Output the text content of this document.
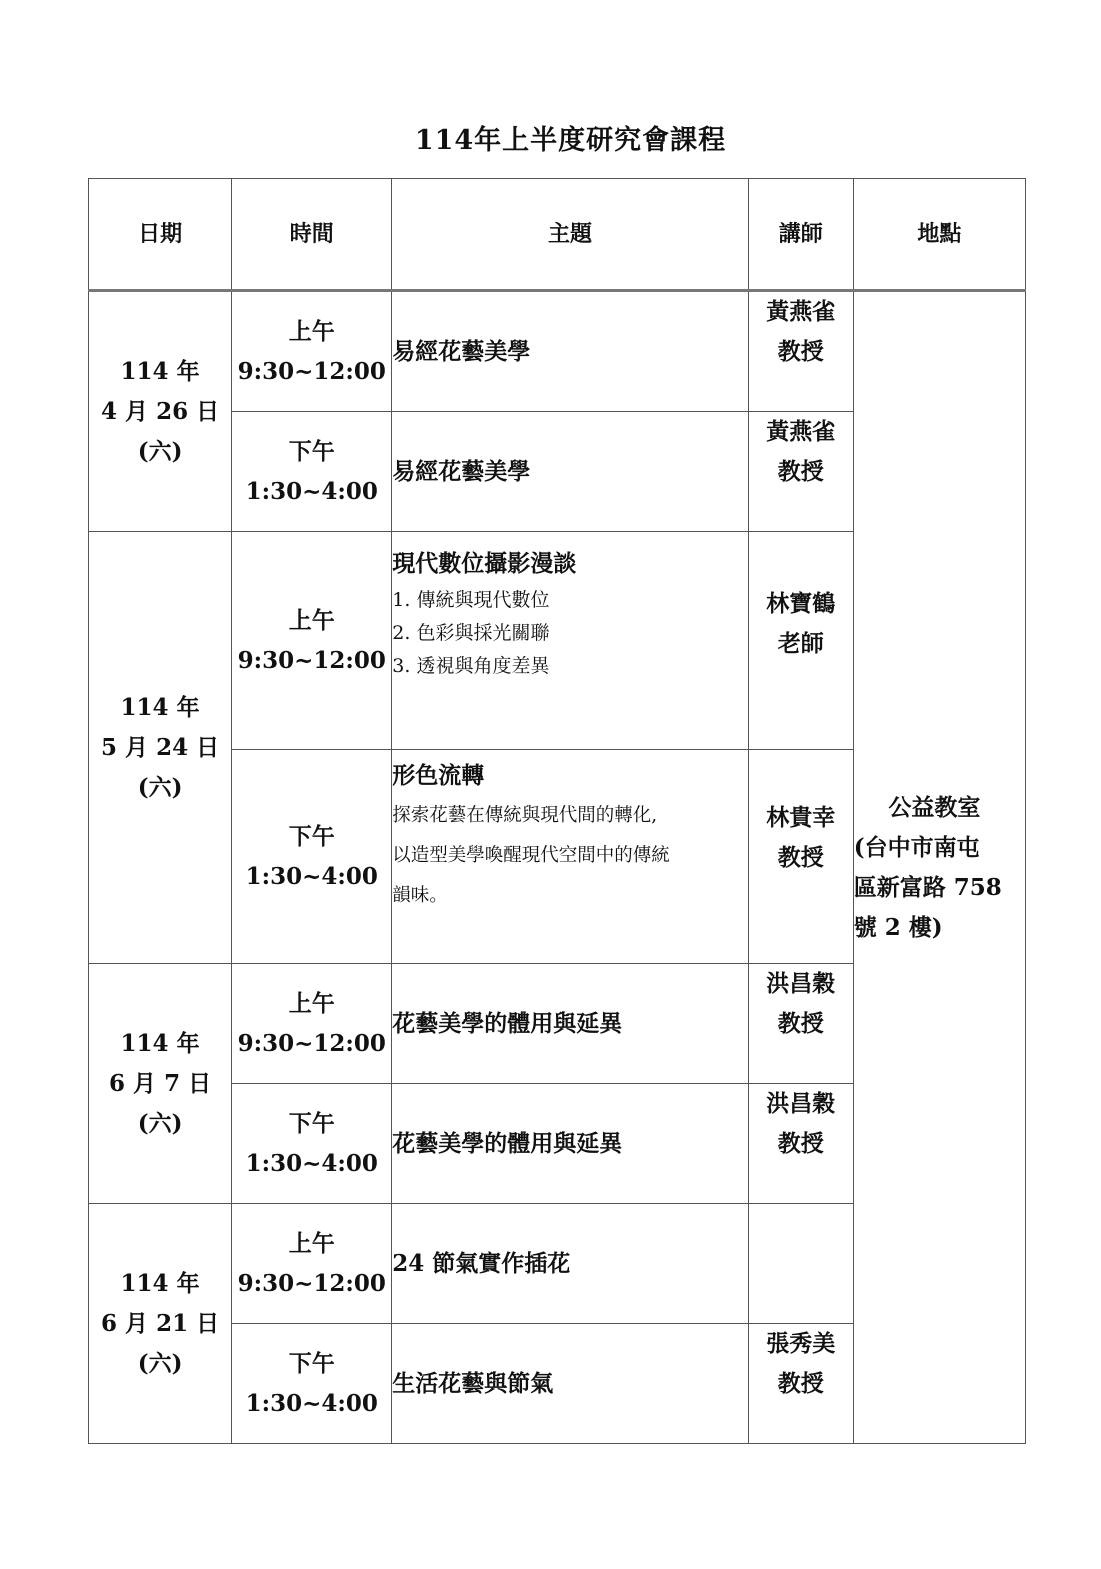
114年上半度研究會課程
日期	時間	主題	講師	地點

114 年
4 月 26 日
(六)	上午
9:30~12:00	易經花藝美學	黃燕雀
教授	公益教室
(台中市南屯
區新富路 758
號 2 樓)

	下午
1:30~4:00	易經花藝美學	黃燕雀
教授	

114 年
5 月 24 日
(六)	上午
9:30~12:00	現代數位攝影漫談
1. 傳統與現代數位
2. 色彩與採光關聯
3. 透視與角度差異	林寶鶴
老師	

	下午
1:30~4:00	形色流轉
探索花藝在傳統與現代間的轉化,
以造型美學喚醒現代空間中的傳統
韻味。	林貴幸
教授	

114 年
6 月 7 日
(六)	上午
9:30~12:00	花藝美學的體用與延異	洪昌穀
教授	

	下午
1:30~4:00	花藝美學的體用與延異	洪昌穀
教授	

114 年
6 月 21 日
(六)	上午
9:30~12:00	24 節氣實作插花		

	下午
1:30~4:00	生活花藝與節氣	張秀美
教授	
